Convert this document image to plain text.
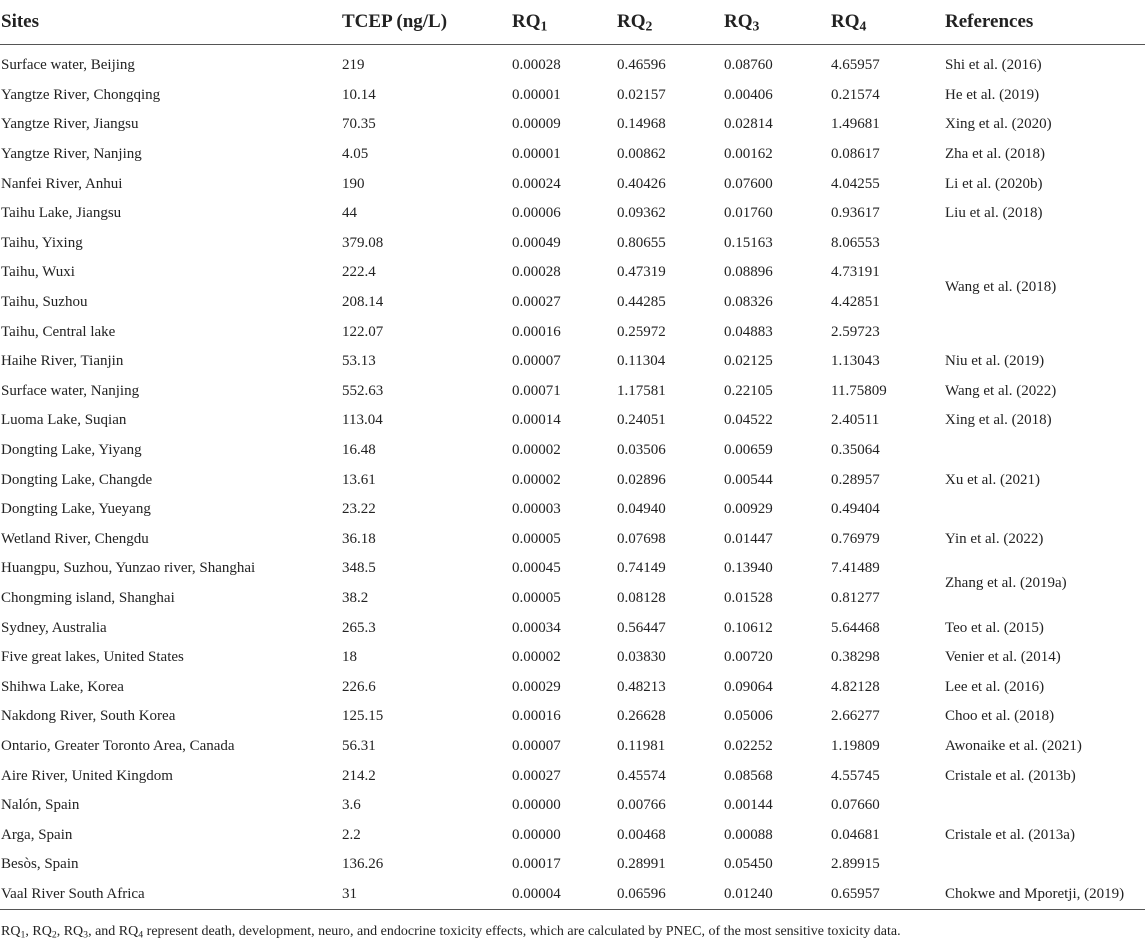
Sites	TCEP (ng/L)	$RQ_1$	$RQ_2$	$RQ_3$	$RQ_4$	References
Surface water, Beijing	219	0.00028	0.46596	0.08760	4.65957	Shi et al. (2016)
Yangtze River, Chongqing	10.14	0.00001	0.02157	0.00406	0.21574	He et al. (2019)
Yangtze River, Jiangsu	70.35	0.00009	0.14968	0.02814	1.49681	Xing et al. (2020)
Yangtze River, Nanjing	4.05	0.00001	0.00862	0.00162	0.08617	Zha et al. (2018)
Nanfei River, Anhui	190	0.00024	0.40426	0.07600	4.04255	Li et al. (2020b)
Taihu Lake, Jiangsu	44	0.00006	0.09362	0.01760	0.93617	Liu et al. (2018)
Taihu, Yixing	379.08	0.00049	0.80655	0.15163	8.06553	Wang et al. (2018)
Taihu, Wuxi	222.4	0.00028	0.47319	0.08896	4.73191	
Taihu, Suzhou	208.14	0.00027	0.44285	0.08326	4.42851	
Taihu, Central lake	122.07	0.00016	0.25972	0.04883	2.59723	
Haihe River, Tianjin	53.13	0.00007	0.11304	0.02125	1.13043	Niu et al. (2019)
Surface water, Nanjing	552.63	0.00071	1.17581	0.22105	11.75809	Wang et al. (2022)
Luoma Lake, Suqian	113.04	0.00014	0.24051	0.04522	2.40511	Xing et al. (2018)
Dongting Lake, Yiyang	16.48	0.00002	0.03506	0.00659	0.35064	Xu et al. (2021)
Dongting Lake, Changde	13.61	0.00002	0.02896	0.00544	0.28957	
Dongting Lake, Yueyang	23.22	0.00003	0.04940	0.00929	0.49404	
Wetland River, Chengdu	36.18	0.00005	0.07698	0.01447	0.76979	Yin et al. (2022)
Huangpu, Suzhou, Yunzao river, Shanghai	348.5	0.00045	0.74149	0.13940	7.41489	Zhang et al. (2019a)
Chongming island, Shanghai	38.2	0.00005	0.08128	0.01528	0.81277	
Sydney, Australia	265.3	0.00034	0.56447	0.10612	5.64468	Teo et al. (2015)
Five great lakes, United States	18	0.00002	0.03830	0.00720	0.38298	Venier et al. (2014)
Shihwa Lake, Korea	226.6	0.00029	0.48213	0.09064	4.82128	Lee et al. (2016)
Nakdong River, South Korea	125.15	0.00016	0.26628	0.05006	2.66277	Choo et al. (2018)
Ontario, Greater Toronto Area, Canada	56.31	0.00007	0.11981	0.02252	1.19809	Awonaike et al. (2021)
Aire River, United Kingdom	214.2	0.00027	0.45574	0.08568	4.55745	Cristale et al. (2013b)
Nalón, Spain	3.6	0.00000	0.00766	0.00144	0.07660	Cristale et al. (2013a)
Arga, Spain	2.2	0.00000	0.00468	0.00088	0.04681	
Besòs, Spain	136.26	0.00017	0.28991	0.05450	2.89915	
Vaal River South Africa	31	0.00004	0.06596	0.01240	0.65957	Chokwe and Mporetji, (2019)
$RQ_1$, $RQ_2$, $RQ_3$, and $RQ_4$ represent death, development, neuro, and endocrine toxicity effects, which are calculated by PNEC, of the most sensitive toxicity data.
